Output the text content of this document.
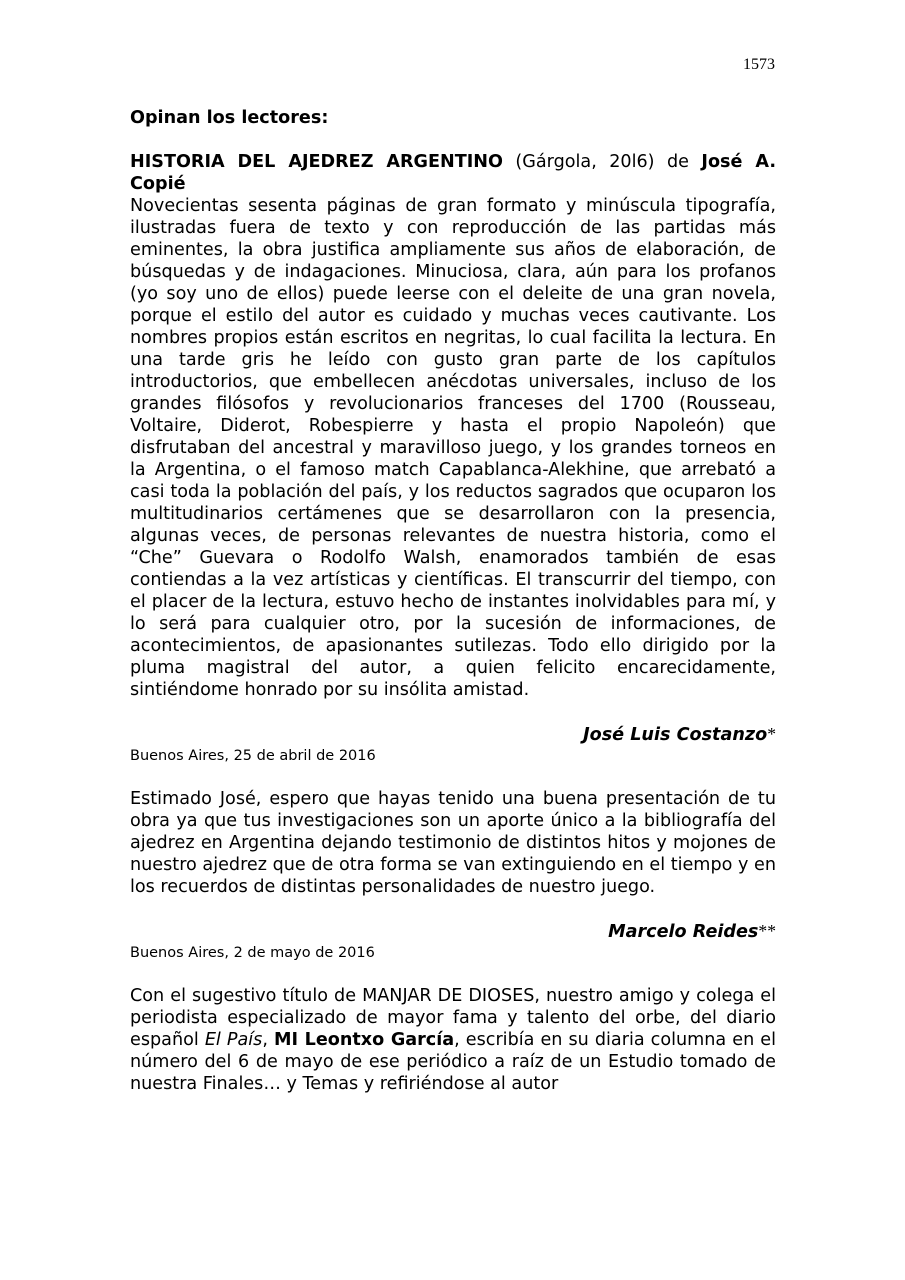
1573

Opinan los lectores:

HISTORIA DEL AJEDREZ ARGENTINO (Gárgola, 20l6) de José A. Copié

Novecientas sesenta páginas de gran formato y minúscula tipografía, ilustradas fuera de texto y con reproducción de las partidas más eminentes, la obra justifica ampliamente sus años de elaboración, de búsquedas y de indagaciones. Minuciosa, clara, aún para los profanos (yo soy uno de ellos) puede leerse con el deleite de una gran novela, porque el estilo del autor es cuidado y muchas veces cautivante. Los nombres propios están escritos en negritas, lo cual facilita la lectura. En una tarde gris he leído con gusto gran parte de los capítulos introductorios, que embellecen anécdotas universales, incluso de los grandes filósofos y revolucionarios franceses del 1700 (Rousseau, Voltaire, Diderot, Robespierre y hasta el propio Napoleón) que disfrutaban del ancestral y maravilloso juego, y los grandes torneos en la Argentina, o el famoso match Capablanca-Alekhine, que arrebató a casi toda la población del país, y los reductos sagrados que ocuparon los multitudinarios certámenes que se desarrollaron con la presencia, algunas veces, de personas relevantes de nuestra historia, como el “Che” Guevara o Rodolfo Walsh, enamorados también de esas contiendas a la vez artísticas y científicas. El transcurrir del tiempo, con el placer de la lectura, estuvo hecho de instantes inolvidables para mí, y lo será para cualquier otro, por la sucesión de informaciones, de acontecimientos, de apasionantes sutilezas. Todo ello dirigido por la pluma magistral del autor, a quien felicito encarecidamente, sintiéndome honrado por su insólita amistad.

José Luis Costanzo*

Buenos Aires, 25 de abril de 2016

Estimado José, espero que hayas tenido una buena presentación de tu obra ya que tus investigaciones son un aporte único a la bibliografía del ajedrez en Argentina dejando testimonio de distintos hitos y mojones de nuestro ajedrez que de otra forma se van extinguiendo en el tiempo y en los recuerdos de distintas personalidades de nuestro juego.

Marcelo Reides**

Buenos Aires, 2 de mayo de 2016

Con el sugestivo título de MANJAR DE DIOSES, nuestro amigo y colega el periodista especializado de mayor fama y talento del orbe, del diario español El País, MI Leontxo García, escribía en su diaria columna en el número del 6 de mayo de ese periódico a raíz de un Estudio tomado de nuestra Finales… y Temas y refiriéndose al autor
